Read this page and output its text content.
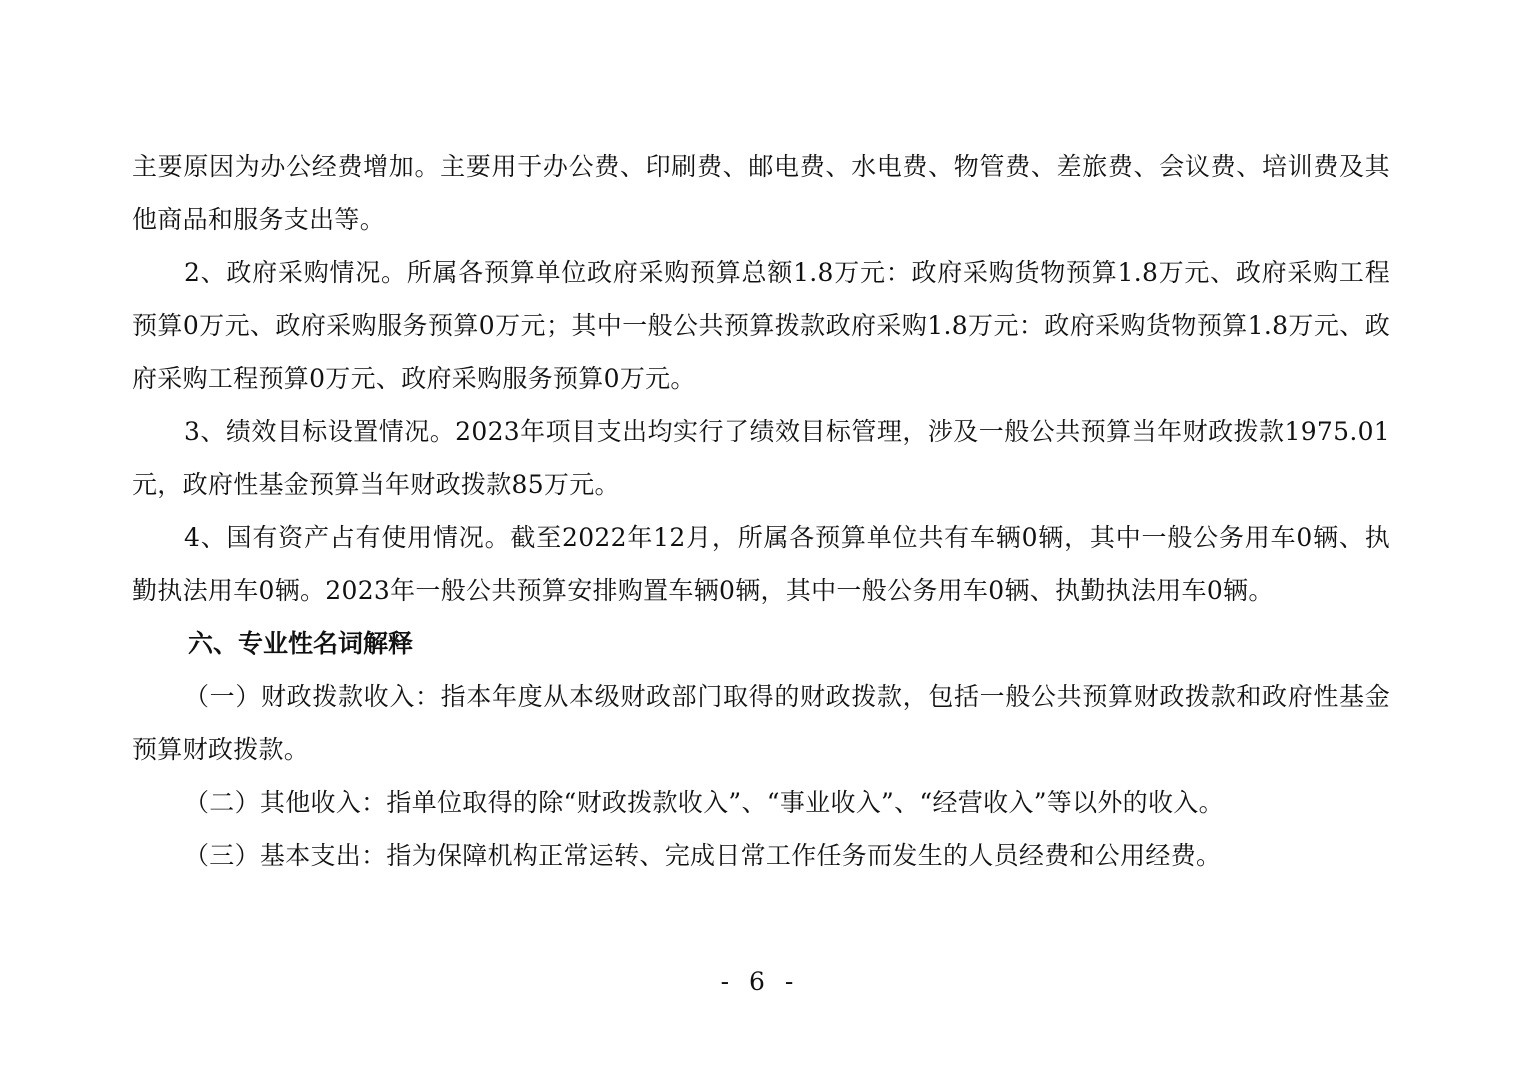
主要原因为办公经费增加。主要用于办公费、印刷费、邮电费、水电费、物管费、差旅费、会议费、培训费及其他商品和服务支出等。

2、政府采购情况。所属各预算单位政府采购预算总额1.8万元：政府采购货物预算1.8万元、政府采购工程预算0万元、政府采购服务预算0万元；其中一般公共预算拨款政府采购1.8万元：政府采购货物预算1.8万元、政府采购工程预算0万元、政府采购服务预算0万元。

3、绩效目标设置情况。2023年项目支出均实行了绩效目标管理，涉及一般公共预算当年财政拨款1975.01元，政府性基金预算当年财政拨款85万元。

4、国有资产占有使用情况。截至2022年12月，所属各预算单位共有车辆0辆，其中一般公务用车0辆、执勤执法用车0辆。2023年一般公共预算安排购置车辆0辆，其中一般公务用车0辆、执勤执法用车0辆。

六、专业性名词解释

（一）财政拨款收入：指本年度从本级财政部门取得的财政拨款，包括一般公共预算财政拨款和政府性基金预算财政拨款。

（二）其他收入：指单位取得的除“财政拨款收入”、“事业收入”、“经营收入”等以外的收入。

（三）基本支出：指为保障机构正常运转、完成日常工作任务而发生的人员经费和公用经费。

- 6 -
